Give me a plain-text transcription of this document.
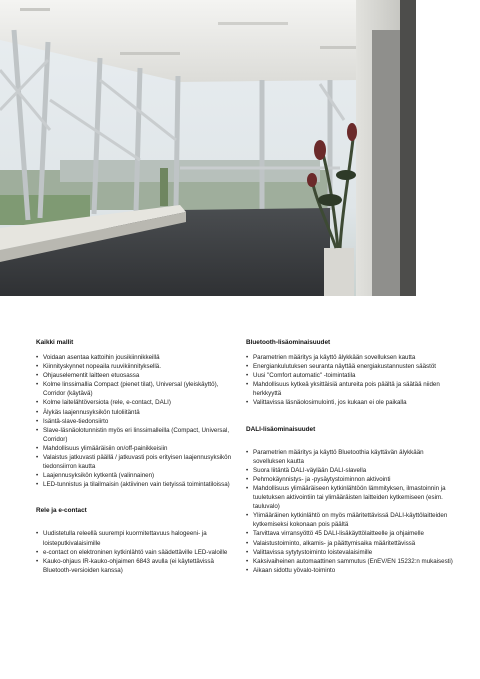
Kaikki mallit
• Voidaan asentaa kattoihin jousikiinnikkeillä
• Kiinnityskynnet nopeaila ruuvikiinnityksellä.
• Ohjauselementit laitteen etuosassa
• Kolme linssimallia Compact (pienet tilat), Universal (yleiskäyttö), Corridor (käytävä)
• Kolme laitelähtöversiota (rele, e-contact, DALI)
• Älykäs laajennusyksikön tuloliitäntä
• Isäntä-slave-tiedonsiirto
• Slave-läsnäolotunnistin myös eri linssimalleilla (Compact, Universal, Corridor)
• Mahdollisuus ylimääräisiin on/off-painikkeisiin
• Valaistus jatkuvasti päällä / jatkuvasti pois erityisen laajennusyksikön tiedonsiirron kautta
• Laajennusyksikön kytkentä (valinnainen)
• LED-tunnistus ja tilailmaisin (aktiivinen vain tietyissä toimintatiloissa)
Rele ja e-contact
• Uudistetulla releellä suurempi kuormitettavuus halogeeni- ja loisteputkivalaisimille
• e-contact on elektroninen kytkinlähtö vain säädettäville LED-valoille
• Kauko-ohjaus IR-kauko-ohjaimen 6843 avulla (ei käytettävissä Bluetooth-versioiden kanssa)
Bluetooth-lisäominaisuudet
• Parametrien määritys ja käyttö älykkään sovelluksen kautta
• Energiankulutuksen seuranta näyttää energiakustannusten säästöt
• Uusi "Comfort automatic" -toimintatila
• Mahdollisuus kytkeä yksittäisiä antureita pois päältä ja säätää niiden herkkyyttä
• Valittavissa läsnäolosimulointi, jos kukaan ei ole paikalla
DALI-lisäominaisuudet
• Parametrien määritys ja käyttö Bluetoothia käyttävän älykkään sovelluksen kautta
• Suora liitäntä DALI-väylään DALI-slavella
• Pehmokäynnistys- ja -pysäytystoiminnon aktivointi
• Mahdollisuus ylimääräiseen kytkinlähtöön lämmityksen, ilmastoinnin ja tuuletuksen aktivointiin tai ylimääräisten laitteiden kytkemiseen (esim. tauluvalo)
• Ylimääräinen kytkinlähtö on myös määritettävissä DALI-käyttölaitteiden kytkemiseksi kokonaan pois päältä
• Tarvittava virransyöttö 45 DALI-lisäkäyttölaitteelle ja ohjaimelle
• Valaistustoiminto, alkamis- ja päättymisaika määritettävissä
• Valittavissa sytytystoiminto loistevalaisimille
• Kaksivaiheinen automaattinen sammutus (EnEV/EN 15232:n mukaisesti)
• Aikaan sidottu yövalo-toiminto
